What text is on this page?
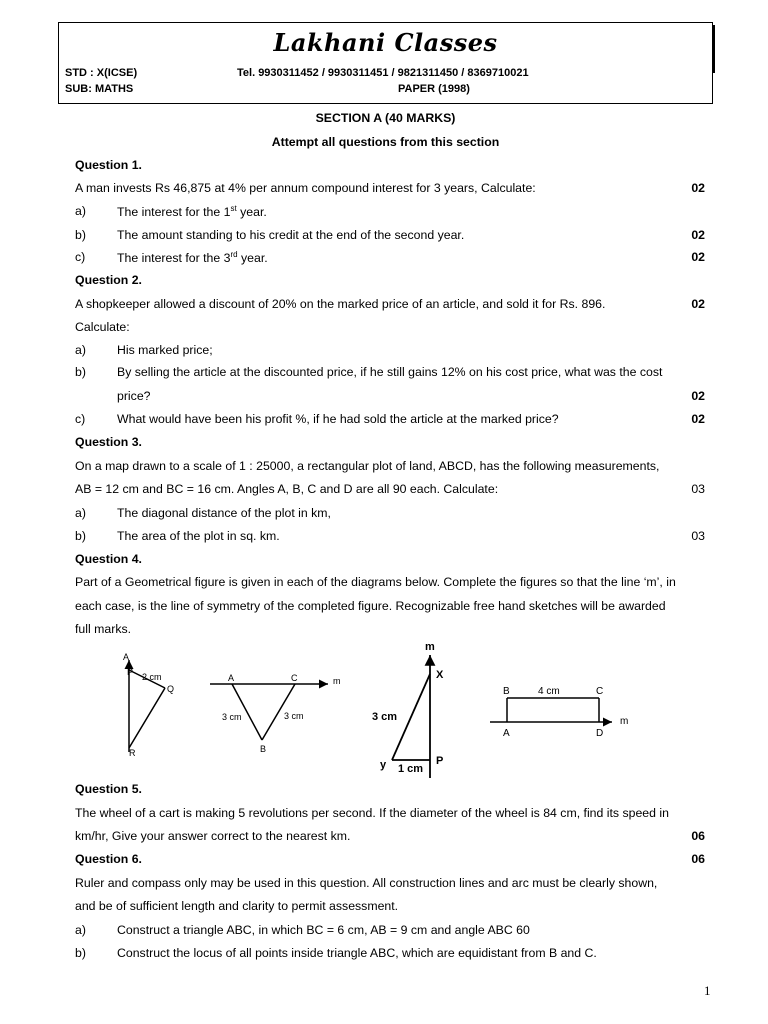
Lakhani Classes
STD : X(ICSE)	Tel. 9930311452 / 9930311451 / 9821311450 / 8369710021
SUB: MATHS	PAPER (1998)
SECTION A (40 MARKS)
Attempt all questions from this section
Question 1.
A man invests Rs 46,875 at 4% per annum compound interest for 3 years, Calculate:	02
a)	The interest for the 1st year.
b)	The amount standing to his credit at the end of the second year.	02
c)	The interest for the 3rd year.	02
Question 2.
A shopkeeper allowed a discount of 20% on the marked price of an article, and sold it for Rs. 896.	02
Calculate:
a)	His marked price;
b)	By selling the article at the discounted price, if he still gains 12% on his cost price, what was the cost
price?	02
c)	What would have been his profit %, if he had sold the article at the marked price?	02
Question 3.
On a map drawn to a scale of 1 : 25000, a rectangular plot of land, ABCD, has the following measurements,
AB = 12 cm and BC = 16 cm. Angles A, B, C and D are all 90 each. Calculate:	03
a)	The diagonal distance of the plot in km,
b)	The area of the plot in sq. km.	03
Question 4.
Part of a Geometrical figure is given in each of the diagrams below. Complete the figures so that the line ‘m’, in
each case, is the line of symmetry of the completed figure. Recognizable free hand sketches will be awarded
full marks.
A
P 2 cm
Q
R
A	C	m
3 cm	3 cm
B
m
X
3 cm
y	P
1 cm
B	4 cm	C
m
A	D
Question 5.
The wheel of a cart is making 5 revolutions per second. If the diameter of the wheel is 84 cm, find its speed in
km/hr, Give your answer correct to the nearest km.	06
Question 6.	06
Ruler and compass only may be used in this question. All construction lines and arc must be clearly shown,
and be of sufficient length and clarity to permit assessment.
a)	Construct a triangle ABC, in which BC = 6 cm, AB = 9 cm and angle ABC 60
b)	Construct the locus of all points inside triangle ABC, which are equidistant from B and C.
1
